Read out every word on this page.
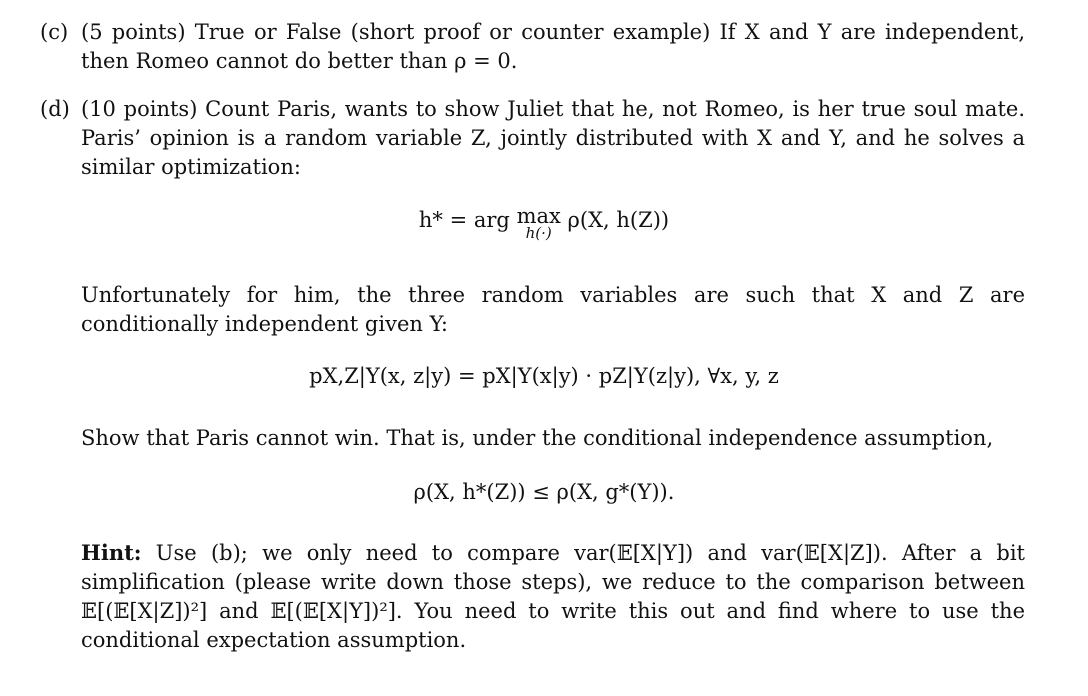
(c) (5 points) True or False (short proof or counter example) If X and Y are independent, then Romeo cannot do better than ρ = 0.

(d) (10 points) Count Paris, wants to show Juliet that he, not Romeo, is her true soul mate. Paris’ opinion is a random variable Z, jointly distributed with X and Y, and he solves a similar optimization:

h* = arg max
h(·)
ρ(X, h(Z))

Unfortunately for him, the three random variables are such that X and Z are conditionally independent given Y:

pX,Z|Y(x, z|y) = pX|Y(x|y) · pZ|Y(z|y), ∀x, y, z

Show that Paris cannot win. That is, under the conditional independence assumption,

ρ(X, h*(Z)) ≤ ρ(X, g*(Y)).

Hint: Use (b); we only need to compare var(𝔼[X|Y]) and var(𝔼[X|Z]). After a bit simplification (please write down those steps), we reduce to the comparison between 𝔼[(𝔼[X|Z])²] and 𝔼[(𝔼[X|Y])²]. You need to write this out and find where to use the conditional expectation assumption.
